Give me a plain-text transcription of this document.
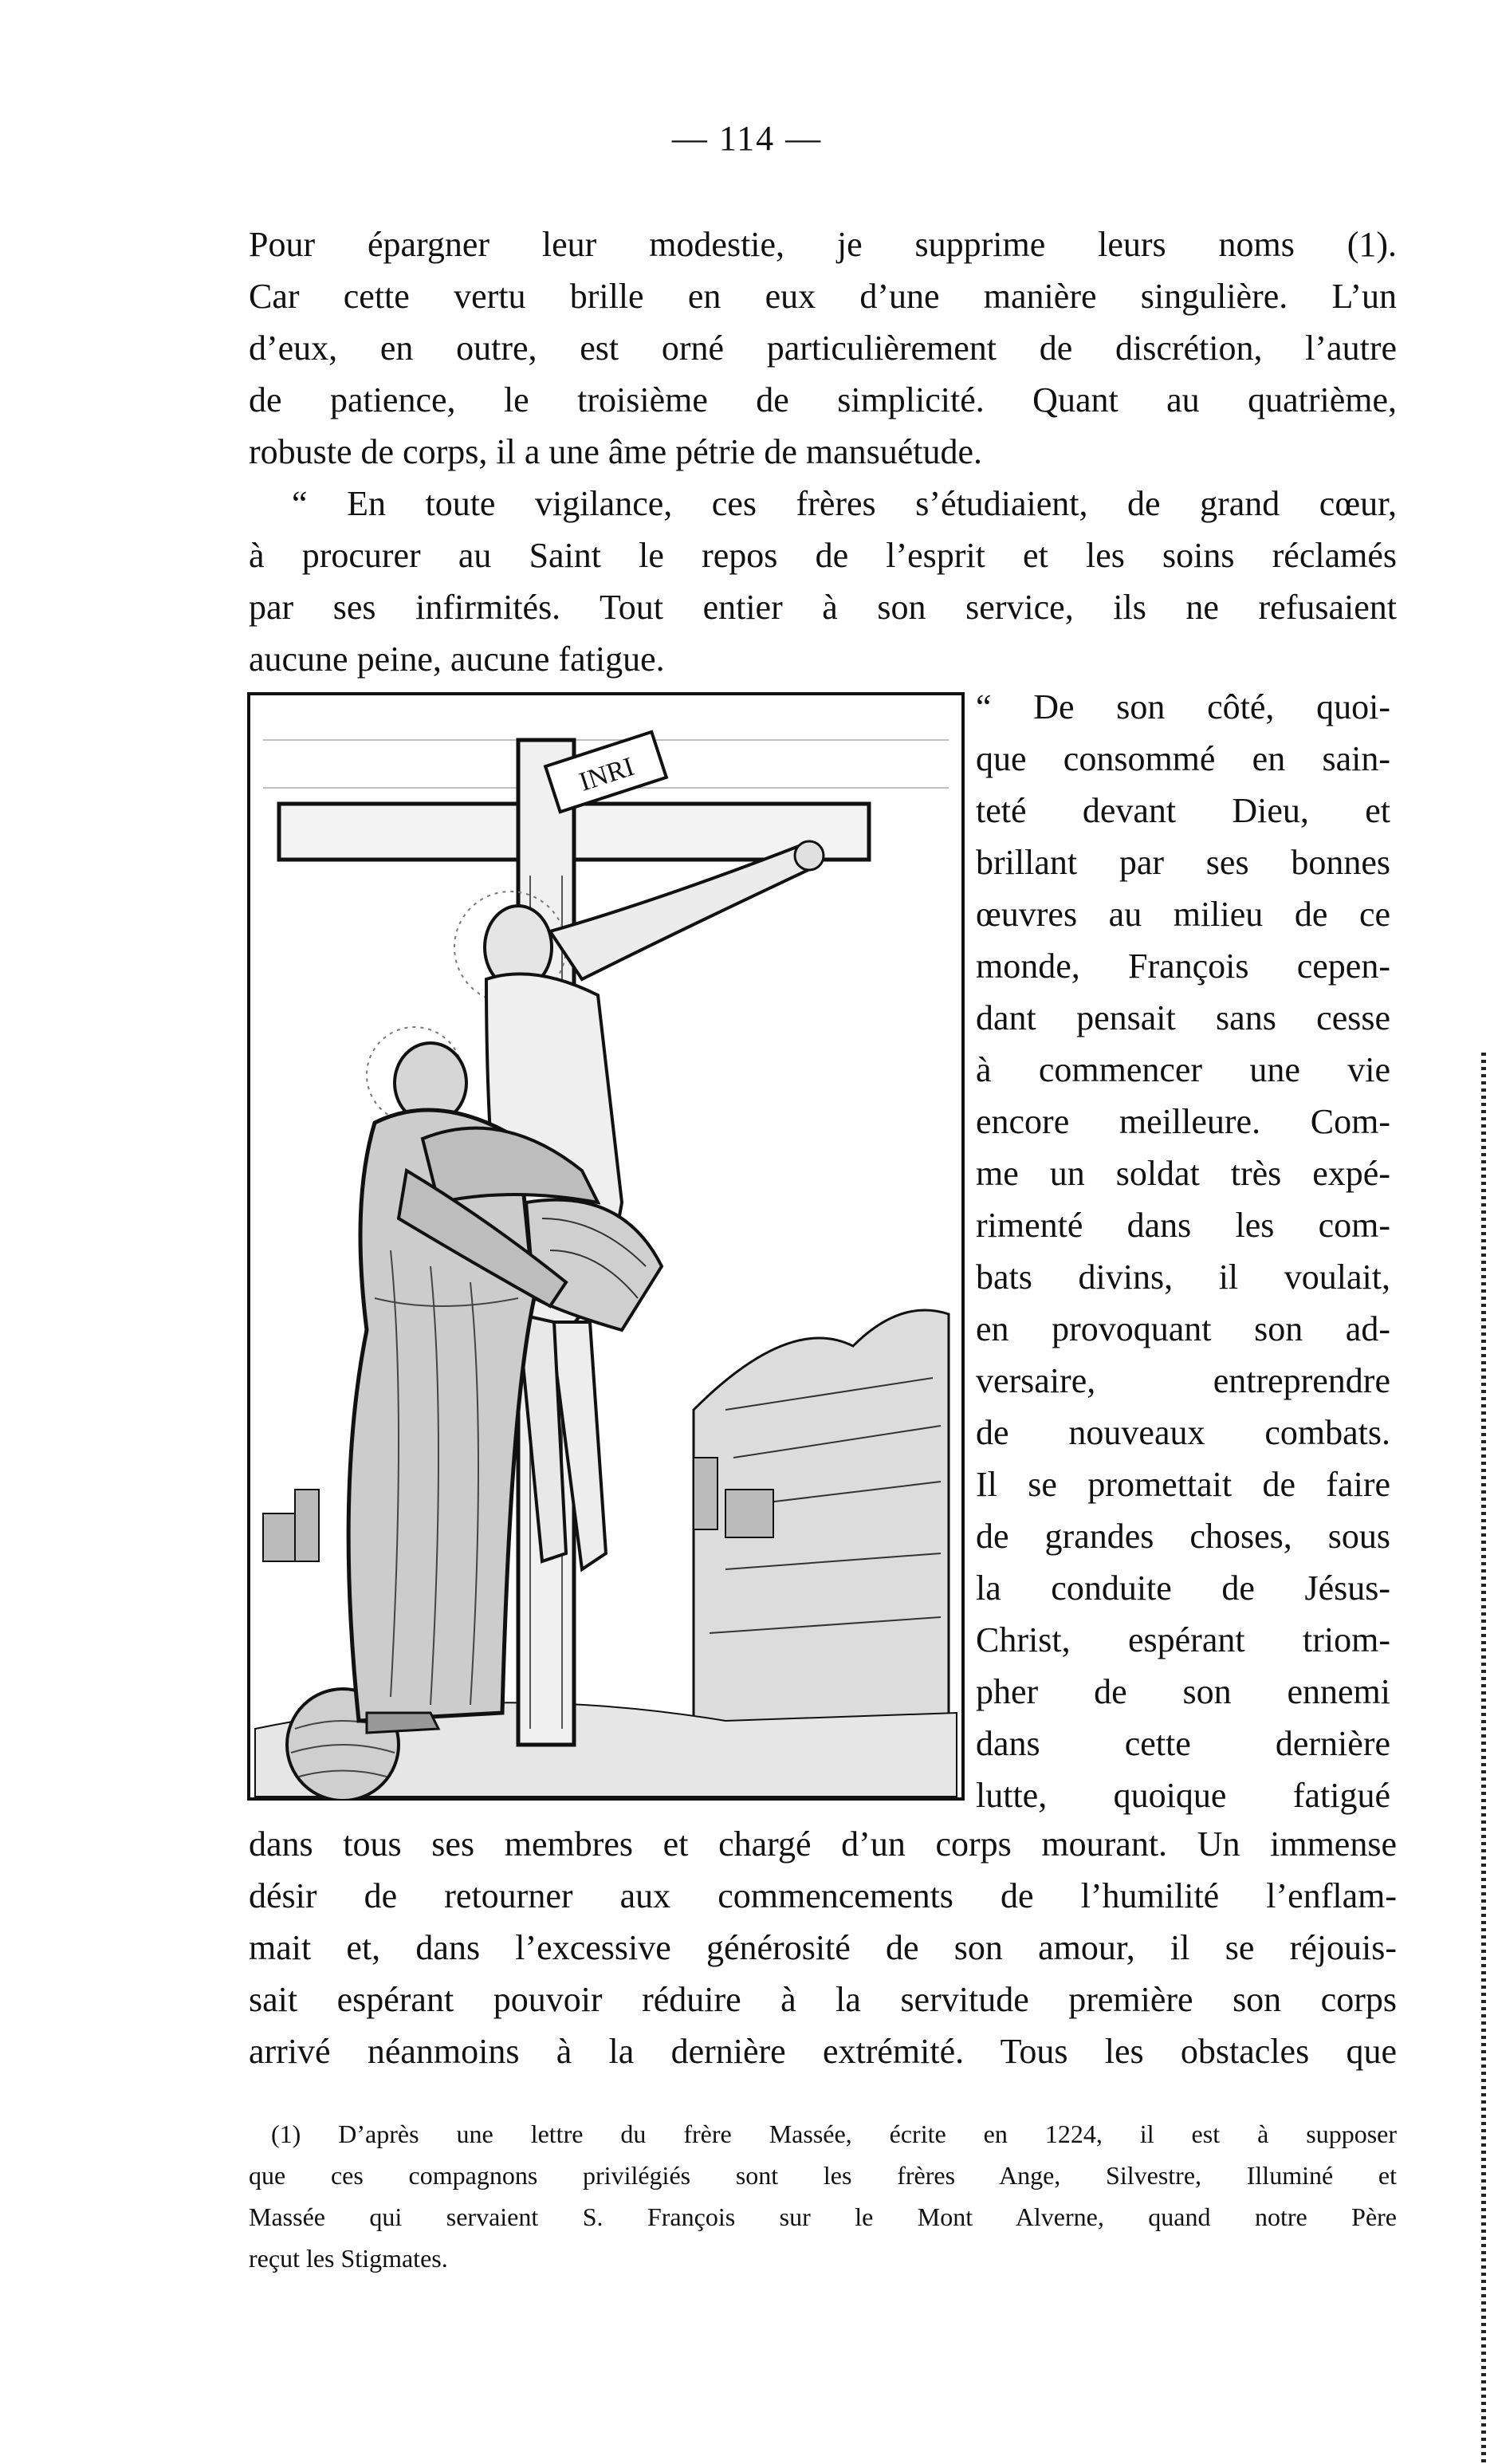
— 114 —
Pour épargner leur modestie, je supprime leurs noms (1).
Car cette vertu brille en eux d’une manière singulière. L’un
d’eux, en outre, est orné particulièrement de discrétion, l’autre
de patience, le troisième de simplicité. Quant au quatrième,
robuste de corps, il a une âme pétrie de mansuétude.
“ En toute vigilance, ces frères s’étudiaient, de grand cœur,
à procurer au Saint le repos de l’esprit et les soins réclamés
par ses infirmités. Tout entier à son service, ils ne refusaient
aucune peine, aucune fatigue.
INRI
“ De son côté, quoi-
que consommé en sain-
teté devant Dieu, et
brillant par ses bonnes
œuvres au milieu de ce
monde, François cepen-
dant pensait sans cesse
à commencer une vie
encore meilleure. Com-
me un soldat très expé-
rimenté dans les com-
bats divins, il voulait,
en provoquant son ad-
versaire, entreprendre
de nouveaux combats.
Il se promettait de faire
de grandes choses, sous
la conduite de Jésus-
Christ, espérant triom-
pher de son ennemi
dans cette dernière
lutte, quoique fatigué
dans tous ses membres et chargé d’un corps mourant. Un immense
désir de retourner aux commencements de l’humilité l’enflam-
mait et, dans l’excessive générosité de son amour, il se réjouis-
sait espérant pouvoir réduire à la servitude première son corps
arrivé néanmoins à la dernière extrémité. Tous les obstacles que
(1) D’après une lettre du frère Massée, écrite en 1224, il est à supposer
que ces compagnons privilégiés sont les frères Ange, Silvestre, Illuminé et
Massée qui servaient S. François sur le Mont Alverne, quand notre Père
reçut les Stigmates.
